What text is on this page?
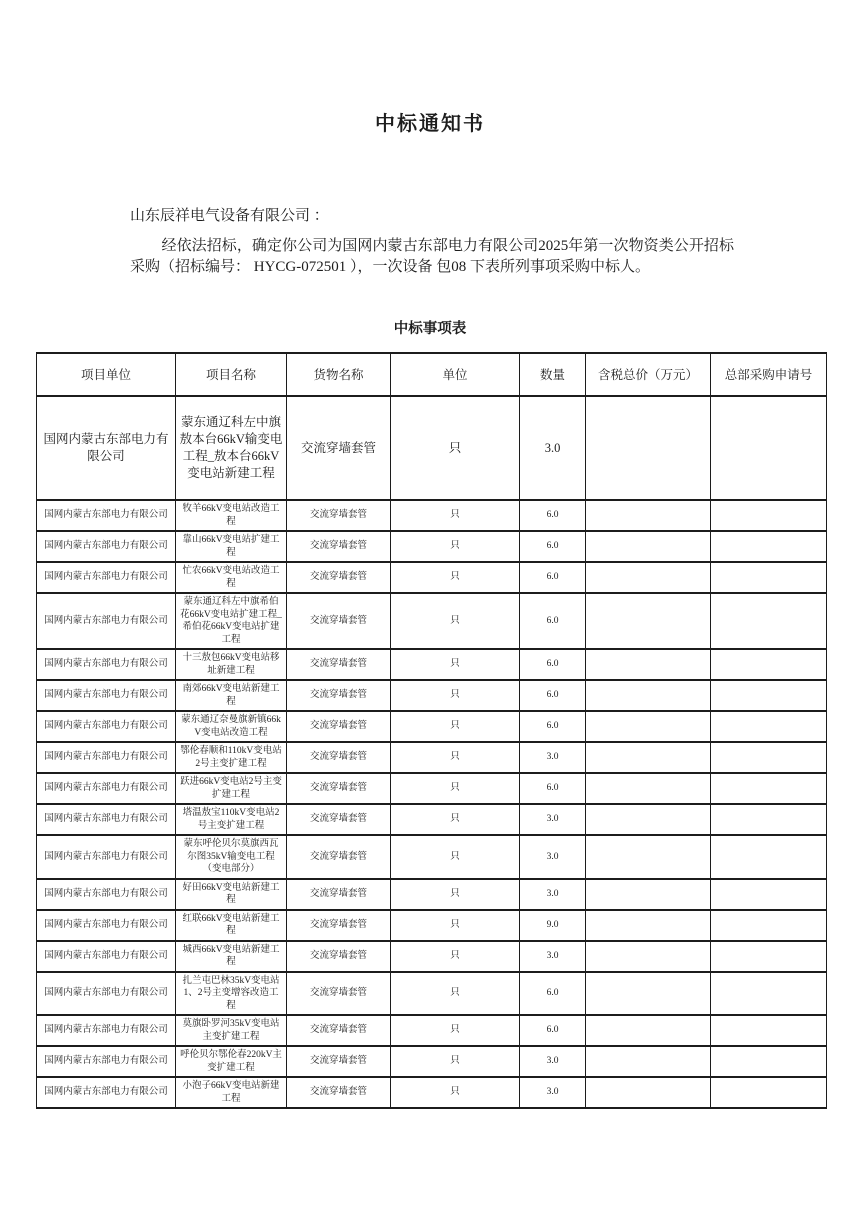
中标通知书
山东辰祥电气设备有限公司 ：
经依法招标，确定你公司为国网内蒙古东部电力有限公司2025年第一次物资类公开招标采购（招标编号： HYCG-072501 ），一次设备 包08 下表所列事项采购中标人。
中标事项表
项目单位	项目名称	货物名称	单位	数量	含税总价（万元）	总部采购申请号
国网内蒙古东部电力有限公司	蒙东通辽科左中旗敖本台66kV输变电工程_敖本台66kV变电站新建工程	交流穿墙套管	只	3.0		
国网内蒙古东部电力有限公司	牧羊66kV变电站改造工程	交流穿墙套管	只	6.0		
国网内蒙古东部电力有限公司	靠山66kV变电站扩建工程	交流穿墙套管	只	6.0		
国网内蒙古东部电力有限公司	忙农66kV变电站改造工程	交流穿墙套管	只	6.0		
国网内蒙古东部电力有限公司	蒙东通辽科左中旗希伯花66kV变电站扩建工程_希伯花66kV变电站扩建工程	交流穿墙套管	只	6.0		
国网内蒙古东部电力有限公司	十三敖包66kV变电站移址新建工程	交流穿墙套管	只	6.0		
国网内蒙古东部电力有限公司	南郊66kV变电站新建工程	交流穿墙套管	只	6.0		
国网内蒙古东部电力有限公司	蒙东通辽奈曼旗新镇66kV变电站改造工程	交流穿墙套管	只	6.0		
国网内蒙古东部电力有限公司	鄂伦春顺和110kV变电站2号主变扩建工程	交流穿墙套管	只	3.0		
国网内蒙古东部电力有限公司	跃进66kV变电站2号主变扩建工程	交流穿墙套管	只	6.0		
国网内蒙古东部电力有限公司	塔温敖宝110kV变电站2号主变扩建工程	交流穿墙套管	只	3.0		
国网内蒙古东部电力有限公司	蒙东呼伦贝尔莫旗西瓦尔图35kV输变电工程（变电部分）	交流穿墙套管	只	3.0		
国网内蒙古东部电力有限公司	好田66kV变电站新建工程	交流穿墙套管	只	3.0		
国网内蒙古东部电力有限公司	红联66kV变电站新建工程	交流穿墙套管	只	9.0		
国网内蒙古东部电力有限公司	城西66kV变电站新建工程	交流穿墙套管	只	3.0		
国网内蒙古东部电力有限公司	扎兰屯巴林35kV变电站1、2号主变增容改造工程	交流穿墙套管	只	6.0		
国网内蒙古东部电力有限公司	莫旗卧罗河35kV变电站主变扩建工程	交流穿墙套管	只	6.0		
国网内蒙古东部电力有限公司	呼伦贝尔鄂伦春220kV主变扩建工程	交流穿墙套管	只	3.0		
国网内蒙古东部电力有限公司	小泡子66kV变电站新建工程	交流穿墙套管	只	3.0		
